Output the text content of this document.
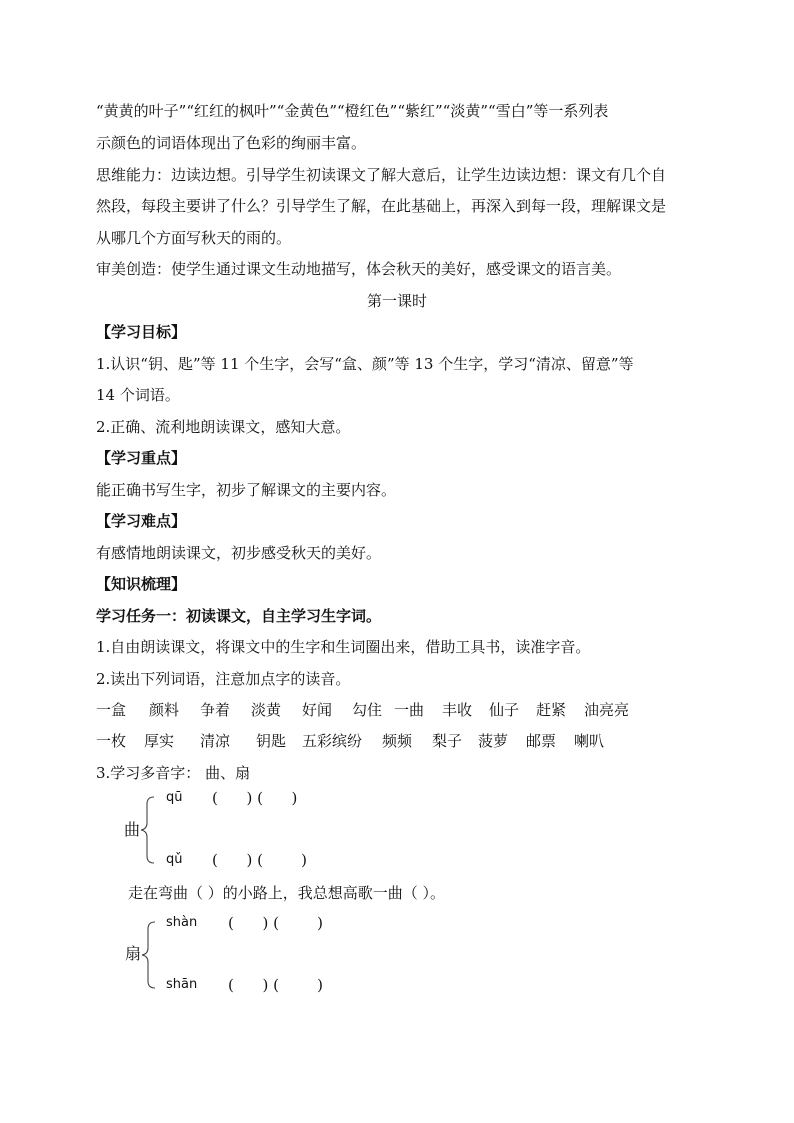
“黄黄的叶子”“红红的枫叶”“金黄色”“橙红色”“紫红”“淡黄”“雪白”等一系列表
示颜色的词语体现出了色彩的绚丽丰富。
思维能力：边读边想。引导学生初读课文了解大意后，让学生边读边想：课文有几个自
然段，每段主要讲了什么？引导学生了解，在此基础上，再深入到每一段，理解课文是
从哪几个方面写秋天的雨的。
审美创造：使学生通过课文生动地描写，体会秋天的美好，感受课文的语言美。
第一课时
【学习目标】
1.认识“钥、匙”等 11 个生字，会写“盒、颜”等 13 个生字，学习“清凉、留意”等
14 个词语。
2.正确、流利地朗读课文，感知大意。
【学习重点】
能正确书写生字，初步了解课文的主要内容。
【学习难点】
有感情地朗读课文，初步感受秋天的美好。
【知识梳理】
学习任务一：初读课文，自主学习生字词。
1.自由朗读课文，将课文中的生字和生词圈出来，借助工具书，读准字音。
2.读出下列词语，注意加点字的读音。
一盒 颜料 争着 淡黄 好闻 勾住 一曲 丰收 仙子 赶紧 油亮亮
一枚 厚实 清凉 钥匙 五彩缤纷 频频 梨子 菠萝 邮票 喇叭
3.学习多音字： 曲、扇
曲
qū (      ) (      )
qǔ (      ) (        )
走在弯曲（ ）的小路上，我总想高歌一曲（ ）。
扇
shàn (      ) (        )
shān (      ) (        )
